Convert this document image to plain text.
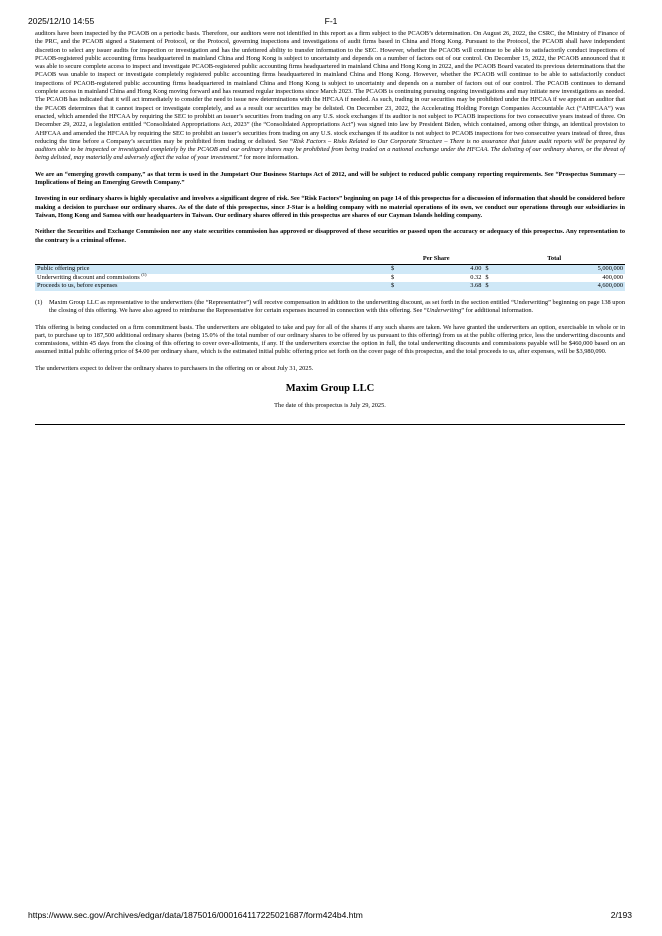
2025/12/10 14:55	F-1

auditors have been inspected by the PCAOB on a periodic basis. Therefore, our auditors were not identified in this report as a firm subject to the PCAOB’s determination. On August 26, 2022, the CSRC, the Ministry of Finance of the PRC, and the PCAOB signed a Statement of Protocol, or the Protocol, governing inspections and investigations of audit firms based in China and Hong Kong. Pursuant to the Protocol, the PCAOB shall have independent discretion to select any issuer audits for inspection or investigation and has the unfettered ability to transfer information to the SEC. However, whether the PCAOB will continue to be able to satisfactorily conduct inspections of PCAOB-registered public accounting firms headquartered in mainland China and Hong Kong is subject to uncertainty and depends on a number of factors out of our control. On December 15, 2022, the PCAOB announced that it was able to secure complete access to inspect and investigate PCAOB-registered public accounting firms headquartered in mainland China and Hong Kong in 2022, and the PCAOB Board vacated its previous determinations that the PCAOB was unable to inspect or investigate completely registered public accounting firms headquartered in mainland China and Hong Kong. However, whether the PCAOB will continue to be able to satisfactorily conduct inspections of PCAOB-registered public accounting firms headquartered in mainland China and Hong Kong is subject to uncertainty and depends on a number of factors out of our control. The PCAOB continues to demand complete access in mainland China and Hong Kong moving forward and has resumed regular inspections since March 2023. The PCAOB is continuing pursuing ongoing investigations and may initiate new investigations as needed. The PCAOB has indicated that it will act immediately to consider the need to issue new determinations with the HFCAA if needed. As such, trading in our securities may be prohibited under the HFCAA if we appoint an auditor that the PCAOB determines that it cannot inspect or investigate completely, and as a result our securities may be delisted. On December 23, 2022, the Accelerating Holding Foreign Companies Accountable Act (“AHFCAA”) was enacted, which amended the HFCAA by requiring the SEC to prohibit an issuer’s securities from trading on any U.S. stock exchanges if its auditor is not subject to PCAOB inspections for two consecutive years instead of three. On December 29, 2022, a legislation entitled “Consolidated Appropriations Act, 2023” (the “Consolidated Appropriations Act”) was signed into law by President Biden, which contained, among other things, an identical provision to AHFCAA and amended the HFCAA by requiring the SEC to prohibit an issuer’s securities from trading on any U.S. stock exchanges if its auditor is not subject to PCAOB inspections for two consecutive years instead of three, thus reducing the time before a Company’s securities may be prohibited from trading or delisted. See “Risk Factors – Risks Related to Our Corporate Structure – There is no assurance that future audit reports will be prepared by auditors able to be inspected or investigated completely by the PCAOB and our ordinary shares may be prohibited from being traded on a national exchange under the HFCAA. The delisting of our ordinary shares, or the threat of being delisted, may materially and adversely affect the value of your investment.” for more information.

We are an “emerging growth company,” as that term is used in the Jumpstart Our Business Startups Act of 2012, and will be subject to reduced public company reporting requirements. See “Prospectus Summary — Implications of Being an Emerging Growth Company.”

Investing in our ordinary shares is highly speculative and involves a significant degree of risk. See “Risk Factors” beginning on page 14 of this prospectus for a discussion of information that should be considered before making a decision to purchase our ordinary shares. As of the date of this prospectus, since J-Star is a holding company with no material operations of its own, we conduct our operations through our subsidiaries in Taiwan, Hong Kong and Samoa with our headquarters in Taiwan. Our ordinary shares offered in this prospectus are shares of our Cayman Islands holding company.

Neither the Securities and Exchange Commission nor any state securities commission has approved or disapproved of these securities or passed upon the accuracy or adequacy of this prospectus. Any representation to the contrary is a criminal offense.

	Per Share		Total	
Public offering price	$	4.00	$	5,000,000
Underwriting discount and commissions $^{(1)}$	$	0.32	$	400,000
Proceeds to us, before expenses	$	3.68	$	4,600,000
(1)	Maxim Group LLC as representative to the underwriters (the “Representative”) will receive compensation in addition to the underwriting discount, as set forth in the section entitled “Underwriting” beginning on page 138 upon the closing of this offering. We have also agreed to reimburse the Representative for certain expenses incurred in connection with this offering. See “Underwriting” for additional information.

This offering is being conducted on a firm commitment basis. The underwriters are obligated to take and pay for all of the shares if any such shares are taken. We have granted the underwriters an option, exercisable in whole or in part, to purchase up to 187,500 additional ordinary shares (being 15.0% of the total number of our ordinary shares to be offered by us pursuant to this offering) from us at the public offering price, less the underwriting discounts and commissions, within 45 days from the closing of this offering to cover over-allotments, if any. If the underwriters exercise the option in full, the total underwriting discounts and commissions payable will be $460,000 based on an assumed initial public offering price of $4.00 per ordinary share, which is the estimated initial public offering price set forth on the cover page of this prospectus, and the total proceeds to us, after expenses, will be $3,980,090.

The underwriters expect to deliver the ordinary shares to purchasers in the offering on or about July 31, 2025.

Maxim Group LLC

The date of this prospectus is July 29, 2025.

https://www.sec.gov/Archives/edgar/data/1875016/000164117225021687/form424b4.htm	2/193
